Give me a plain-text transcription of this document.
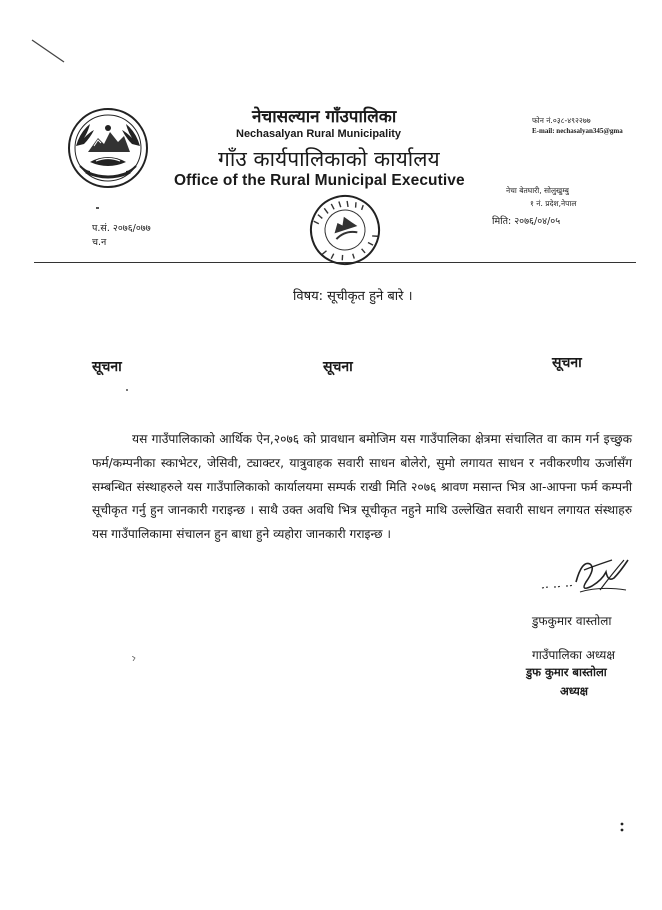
नेचासल्यान गाँउपालिका
Nechasalyan Rural Municipality
गाँउ कार्यपालिकाको कार्यालय
Office of the Rural Municipal Executive
फोन नं.०३८-४९२२७७
E-mail: nechasalyan345@gma
नेचा बेतघारी, सोलुखुम्बु
१ नं. प्रदेश,नेपाल
मिति: २०७६/०४/०५
प.सं. २०७६/०७७
च.न
विषय: सूचीकृत हुने बारे ।
सूचना	सूचना	सूचना
यस गाउँपालिकाको आर्थिक ऐन,२०७६ को प्रावधान बमोजिम यस गाउँपालिका क्षेत्रमा संचालित वा काम गर्न इच्छुक फर्म/कम्पनीका स्काभेटर, जेसिवी, ट्याक्टर, यात्रुवाहक सवारी साधन बोलेरो, सुमो लगायत साधन र नवीकरणीय ऊर्जासँग सम्बन्धित संस्थाहरुले यस गाउँपालिकाको कार्यालयमा सम्पर्क राखी मिति २०७६ श्रावण मसान्त भित्र आ-आफ्ना फर्म कम्पनी सूचीकृत गर्नु हुन जानकारी गराइन्छ । साथै उक्त अवधि भित्र सूचीकृत नहुने माथि उल्लेखित सवारी साधन लगायत संस्थाहरु यस गाउँपालिकामा संचालन हुन बाधा हुने व्यहोरा जानकारी गराइन्छ ।
डुफकुमार वास्तोला
गाउँपालिका अध्यक्ष
डुफ कुमार बास्तोला
अध्यक्ष
